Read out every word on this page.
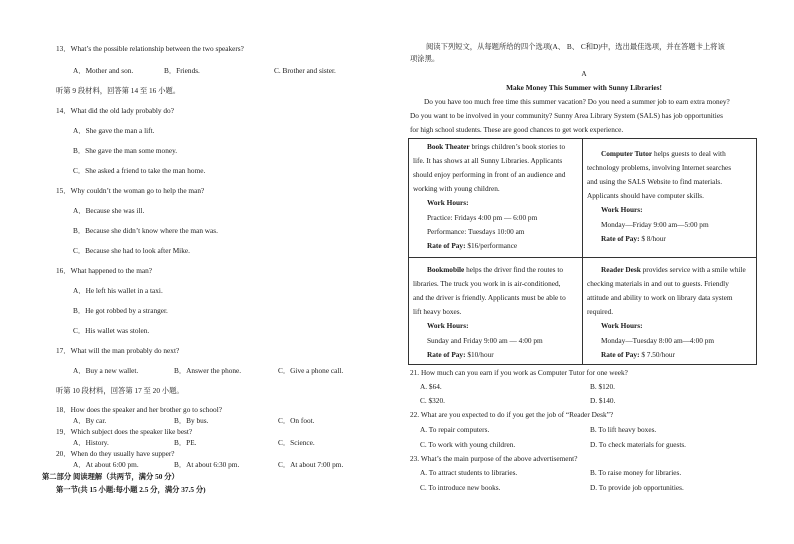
13．What’s the possible relationship between the two speakers?
A．Mother and son.	B．Friends.	C. Brother and sister.
听第 9 段材料，回答第 14 至 16 小题。
14．What did the old lady probably do?
A．She gave the man a lift.
B．She gave the man some money.
C．She asked a friend to take the man home.
15．Why couldn’t the woman go to help the man?
A．Because she was ill.
B．Because she didn’t know where the man was.
C．Because she had to look after Mike.
16．What happened to the man?
A．He left his wallet in a taxi.
B．He got robbed by a stranger.
C．His wallet was stolen.
17．What will the man probably do next?
A．Buy a new wallet.	B．Answer the phone.	C．Give a phone call.
听第 10 段材料，回答第 17 至 20 小题。
18．How does the speaker and her brother go to school?
A．By car.	B．By bus.	C．On foot.
19．Which subject does the speaker like best?
A．History.	B．PE.	C．Science.
20．When do they usually have supper?
A．At about 6:00 pm.	B．At about 6:30 pm.	C．At about 7:00 pm.
第二部分 阅读理解（共两节，满分 50 分）
第一节(共 15 小题:每小题 2.5 分，满分 37.5 分)
阅读下列短文，从每题所给的四个选项(A、 B、 C和D)中，选出最佳选项，并在答题卡上将该
项涂黑。
A
Make Money This Summer with Sunny Libraries!
Do you have too much free time this summer vacation? Do you need a summer job to earn extra money?
Do you want to be involved in your community? Sunny Area Library System (SALS) has job opportunities
for high school students. These are good chances to get work experience.
Book Theater brings children’s book stories to
life. It has shows at all Sunny Libraries. Applicants
should enjoy performing in front of an audience and
working with young children.
Work Hours:
Practice: Fridays 4:00 pm — 6:00 pm
Performance: Tuesdays 10:00 am
Rate of Pay: $16/performance
Computer Tutor helps guests to deal with
technology problems, involving Internet searches
and using the SALS Website to find materials.
Applicants should have computer skills.
Work Hours:
Monday—Friday 9:00 am—5:00 pm
Rate of Pay: $ 8/hour
Bookmobile helps the driver find the routes to
libraries. The truck you work in is air-conditioned,
and the driver is friendly. Applicants must be able to
lift heavy boxes.
Work Hours:
Sunday and Friday 9:00 am — 4:00 pm
Rate of Pay: $10/hour
Reader Desk provides service with a smile while
checking materials in and out to guests. Friendly
attitude and ability to work on library data system
required.
Work Hours:
Monday—Tuesday 8:00 am—4:00 pm
Rate of Pay: $ 7.50/hour
21. How much can you earn if you work as Computer Tutor for one week?
A. $64.	B. $120.
C. $320.	D. $140.
22. What are you expected to do if you get the job of “Reader Desk”?
A. To repair computers.	B. To lift heavy boxes.
C. To work with young children.	D. To check materials for guests.
23. What’s the main purpose of the above advertisement?
A. To attract students to libraries.	B. To raise money for libraries.
C. To introduce new books.	D. To provide job opportunities.
